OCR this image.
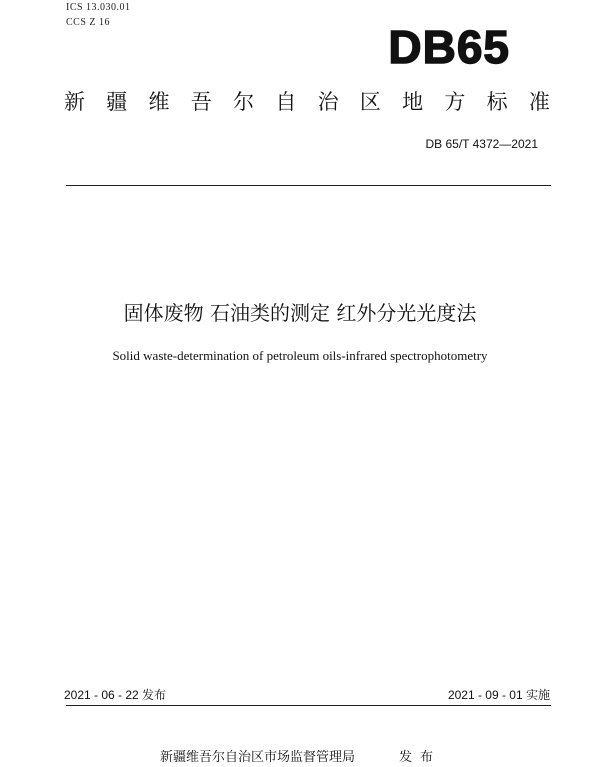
ICS 13.030.01
CCS Z 16	DB65
新 疆 维 吾 尔 自 治 区 地 方 标 准
DB 65/T 4372—2021
固体废物 石油类的测定 红外分光光度法
Solid waste-determination of petroleum oils-infrared spectrophotometry
2021 - 06 - 22 发布	2021 - 09 - 01 实施
新疆维吾尔自治区市场监督管理局	发布
